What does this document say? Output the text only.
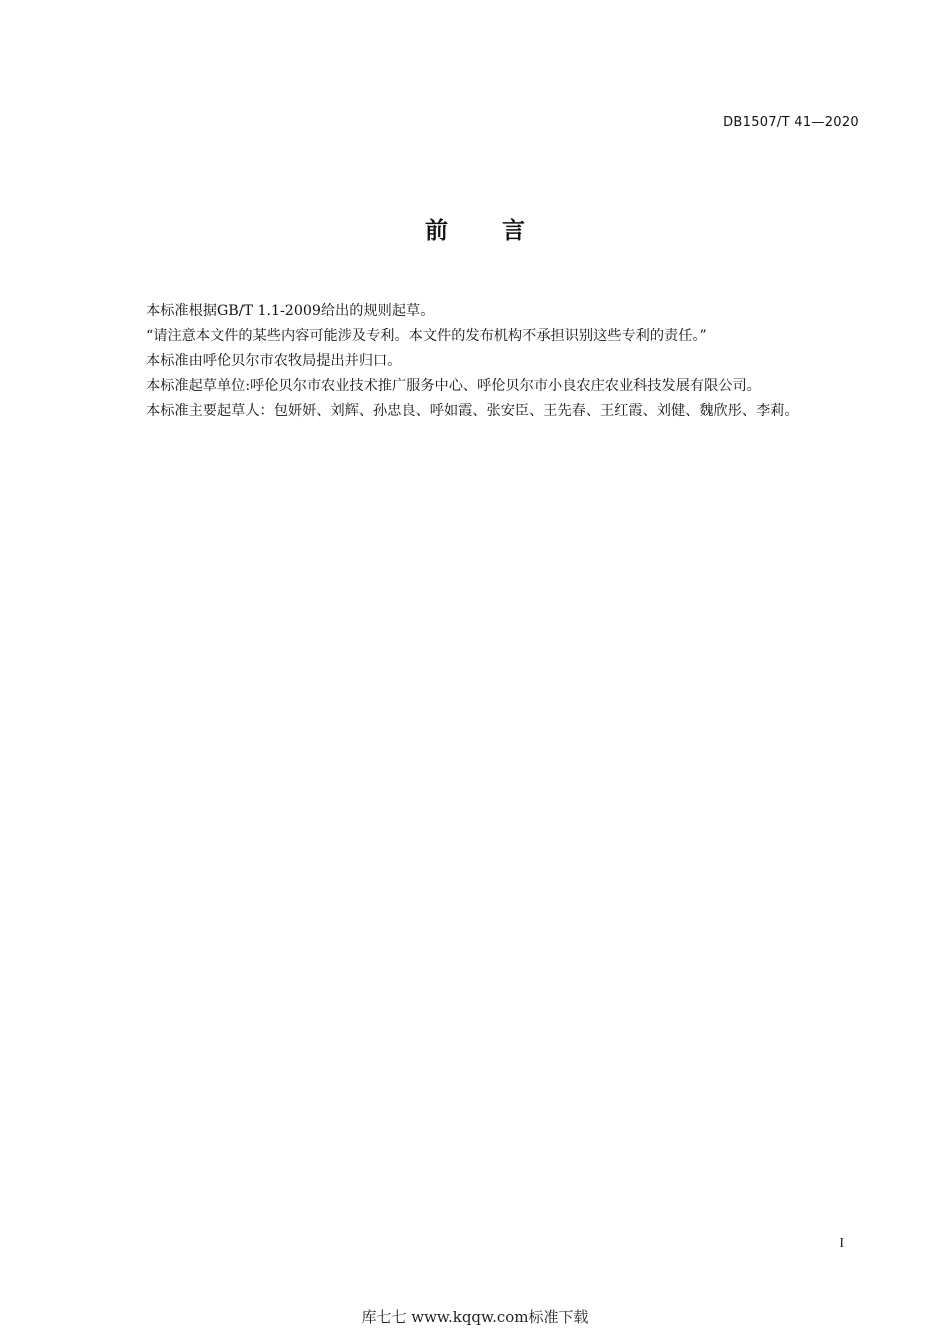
DB1507/T 41—2020
前言

本标准根据GB/T 1.1-2009给出的规则起草。

“请注意本文件的某些内容可能涉及专利。本文件的发布机构不承担识别这些专利的责任。”

本标准由呼伦贝尔市农牧局提出并归口。

本标准起草单位:呼伦贝尔市农业技术推广服务中心、呼伦贝尔市小良农庄农业科技发展有限公司。

本标准主要起草人：包妍妍、刘辉、孙忠良、呼如霞、张安臣、王先春、王红霞、刘健、魏欣彤、李莉。

I
库七七 www.kqqw.com标准下载
